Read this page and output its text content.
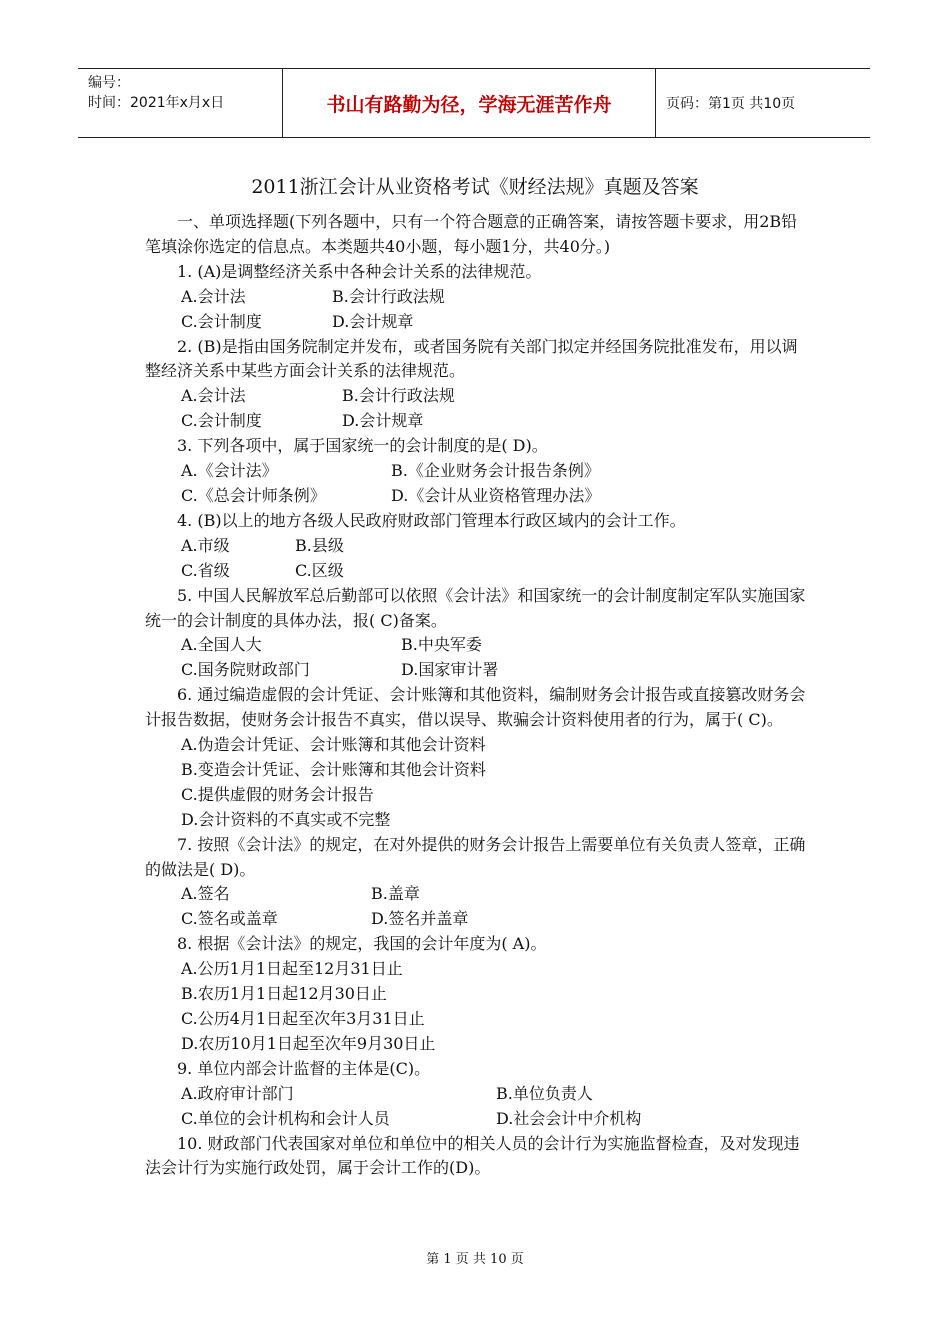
编号：
时间：2021年x月x日	书山有路勤为径，学海无涯苦作舟	页码：第1页 共10页
2011浙江会计从业资格考试《财经法规》真题及答案

一、单项选择题(下列各题中，只有一个符合题意的正确答案，请按答题卡要求，用2B铅笔填涂你选定的信息点。本类题共40小题，每小题1分，共40分。)

1. (A)是调整经济关系中各种会计关系的法律规范。

A.会计法	B.会计行政法规
C.会计制度	D.会计规章

2. (B)是指由国务院制定并发布，或者国务院有关部门拟定并经国务院批准发布，用以调整经济关系中某些方面会计关系的法律规范。

A.会计法	B.会计行政法规
C.会计制度	D.会计规章

3. 下列各项中，属于国家统一的会计制度的是( D)。

A.《会计法》	B.《企业财务会计报告条例》
C.《总会计师条例》	D.《会计从业资格管理办法》

4. (B)以上的地方各级人民政府财政部门管理本行政区域内的会计工作。

A.市级	B.县级
C.省级	C.区级

5. 中国人民解放军总后勤部可以依照《会计法》和国家统一的会计制度制定军队实施国家统一的会计制度的具体办法，报( C)备案。

A.全国人大	B.中央军委
C.国务院财政部门	D.国家审计署

6. 通过编造虚假的会计凭证、会计账簿和其他资料，编制财务会计报告或直接篡改财务会计报告数据，使财务会计报告不真实，借以误导、欺骗会计资料使用者的行为，属于( C)。

A.伪造会计凭证、会计账簿和其他会计资料
B.变造会计凭证、会计账簿和其他会计资料
C.提供虚假的财务会计报告
D.会计资料的不真实或不完整

7. 按照《会计法》的规定，在对外提供的财务会计报告上需要单位有关负责人签章，正确的做法是( D)。

A.签名	B.盖章
C.签名或盖章	D.签名并盖章

8. 根据《会计法》的规定，我国的会计年度为( A)。

A.公历1月1日起至12月31日止
B.农历1月1日起12月30日止
C.公历4月1日起至次年3月31日止
D.农历10月1日起至次年9月30日止

9. 单位内部会计监督的主体是(C)。

A.政府审计部门	B.单位负责人
C.单位的会计机构和会计人员	D.社会会计中介机构

10. 财政部门代表国家对单位和单位中的相关人员的会计行为实施监督检查，及对发现违法会计行为实施行政处罚，属于会计工作的(D)。

第 1 页 共 10 页
